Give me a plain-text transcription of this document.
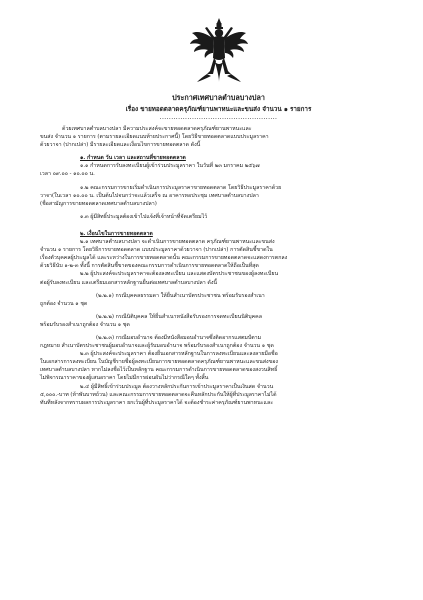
ประกาศเทศบาลตำบลบางปลา
เรื่อง ขายทอดตลาดครุภัณฑ์ยานพาหนะและขนส่ง จำนวน ๑ รายการ
...................................................

ด้วยเทศบาลตำบลบางปลา มีความประสงค์จะขายทอดตลาดครุภัณฑ์ยานพาหนะและ

ขนส่ง จำนวน ๑ รายการ (ตามรายละเอียดแนบท้ายประกาศนี้) โดยวิธีขายทอดตลาดแบบประมูลราคา

ด้วยวาจา (ปากเปล่า) มีรายละเอียดและเงื่อนไขการขายทอดตลาด ดังนี้

๑. กำหนด วัน เวลา และสถานที่ขายทอดตลาด

๑.๑ กำหนดการรับลงทะเบียนผู้เข้าร่วมประมูลราคา ในวันที่ ๒๓ มกราคม ๒๕๖๗

เวลา ๐๙.๐๐ - ๑๐.๐๐ น.

๑.๒ คณะกรรมการขายเริ่มดำเนินการประมูลราคาขายทอดตลาด โดยวิธีประมูลราคาด้วย

วาจา(ในเวลา ๑๐.๐๐ น. เป็นต้นไปจนกว่าจะแล้วเสร็จ ณ อาคารหอประชุม เทศบาลตำบลบางปลา

(ชื่อสามัญการขายทอดตลาดเทศบาลตำบลบางปลา)

๑.๓ ผู้มีสิทธิ์ประมูลต้องเข้าไปแจ้งที่เจ้าหน้าที่จัดเตรียมไว้

๒. เงื่อนไขในการขายทอดตลาด

๒.๑ เทศบาลตำบลบางปลา จะดำเนินการขายทอดตลาด ครุภัณฑ์ยานพาหนะและขนส่ง

จำนวน ๑ รายการ โดยวิธีการขายทอดตลาด แบบประมูลราคาด้วยวาจา (ปากเปล่า) การตัดสินชี้ขาดใน

เรื่องตัวบุคคลผู้ประมูลได้ และระหว่างในการขายทอดตลาดนั้น คณะกรรมการขายทอดตลาดจะแสดงการตกลง

ด้วยวิธีนับ ๑-๒-๓ ทั้งนี้ การตัดสินชี้ขาดของคณะกรรมการดำเนินการขายทอดตลาดให้ถือเป็นที่สุด

๒.๒ ผู้ประสงค์จะประมูลราคาจะต้องลงทะเบียน และแสดงบัตรประชาชนของผู้ลงทะเบียน

ต่อผู้รับลงทะเบียน และเตรียมเอกสารหลักฐานยื่นต่อเทศบาลตำบลบางปลา ดังนี้

(๒.๒.๑) กรณีบุคคลธรรมดา ให้ยื่นสำเนาบัตรประชาชน พร้อมรับรองสำเนา

ถูกต้อง จำนวน ๑ ชุด

(๒.๒.๒) กรณีนิติบุคคล ให้ยื่นสำเนาหนังสือรับรองการจดทะเบียนนิติบุคคล

พร้อมรับรองสำเนาถูกต้อง จำนวน ๑ ชุด

(๒.๒.๓) กรณีมอบอำนาจ ต้องมีหนังสือมอบอำนาจซึ่งติดอากรแสตมป์ตาม

กฎหมาย สำเนาบัตรประชาชนผู้มอบอำนาจและผู้รับมอบอำนาจ พร้อมรับรองสำเนาถูกต้อง จำนวน ๑ ชุด

๒.๓ ผู้ประสงค์จะประมูลราคา ต้องยื่นเอกสารหลักฐานในการลงทะเบียนและลงลายมือชื่อ

ในเอกสารการลงทะเบียน ในบัญชีรายชื่อผู้ลงทะเบียนการขายทอดตลาดครุภัณฑ์ยานพาหนะและขนส่งของ

เทศบาลตำบลบางปลา หากไม่ลงชื่อไว้เป็นหลักฐาน คณะกรรมการดำเนินการขายทอดตลาดของสงวนสิทธิ์

ไม่พิจารณาราคาของผู้เสนอราคา โดยไม่มีการผ่อนผันไม่ว่ากรณีใดๆ ทั้งสิ้น

๒.๔ ผู้มีสิทธิ์เข้าร่วมประมูล ต้องวางหลักประกันการเข้าประมูลราคาเป็นเงินสด จำนวน

๕,๐๐๐.-บาท (ห้าพันบาทถ้วน) และคณะกรรมการขายทอดตลาดจะคืนหลักประกันให้ผู้ที่ประมูลราคาไม่ได้

ทันทีหลังจากทราบผลการประมูลราคา ยกเว้นผู้ที่ประมูลราคาได้ จะต้องชำระค่าครุภัณฑ์ยานพาหนะและ
